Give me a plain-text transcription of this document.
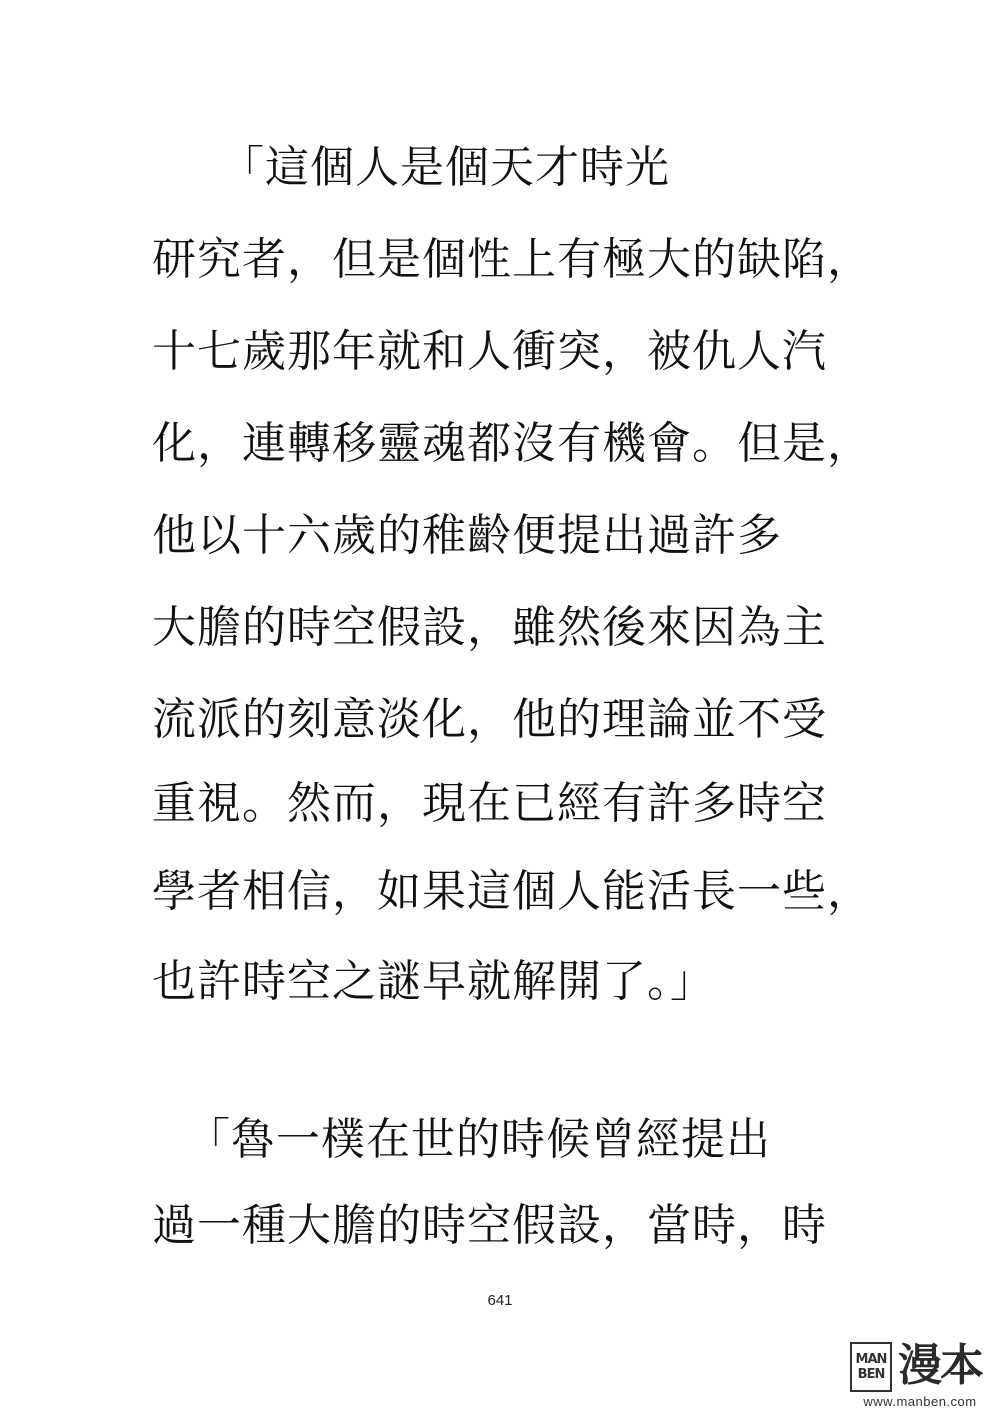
　　「這個人是個天才時光
研究者，但是個性上有極大的缺陷，
十七歲那年就和人衝突，被仇人汽
化，連轉移靈魂都沒有機會。但是，
他以十六歲的稚齡便提出過許多
大膽的時空假設，雖然後來因為主
流派的刻意淡化，他的理論並不受
重視。然而，現在已經有許多時空
學者相信，如果這個人能活長一些，
也許時空之謎早就解開了。」
「魯一樸在世的時候曾經提出
過一種大膽的時空假設，當時，時
641
MAN
BEN 漫本
www.manben.com
